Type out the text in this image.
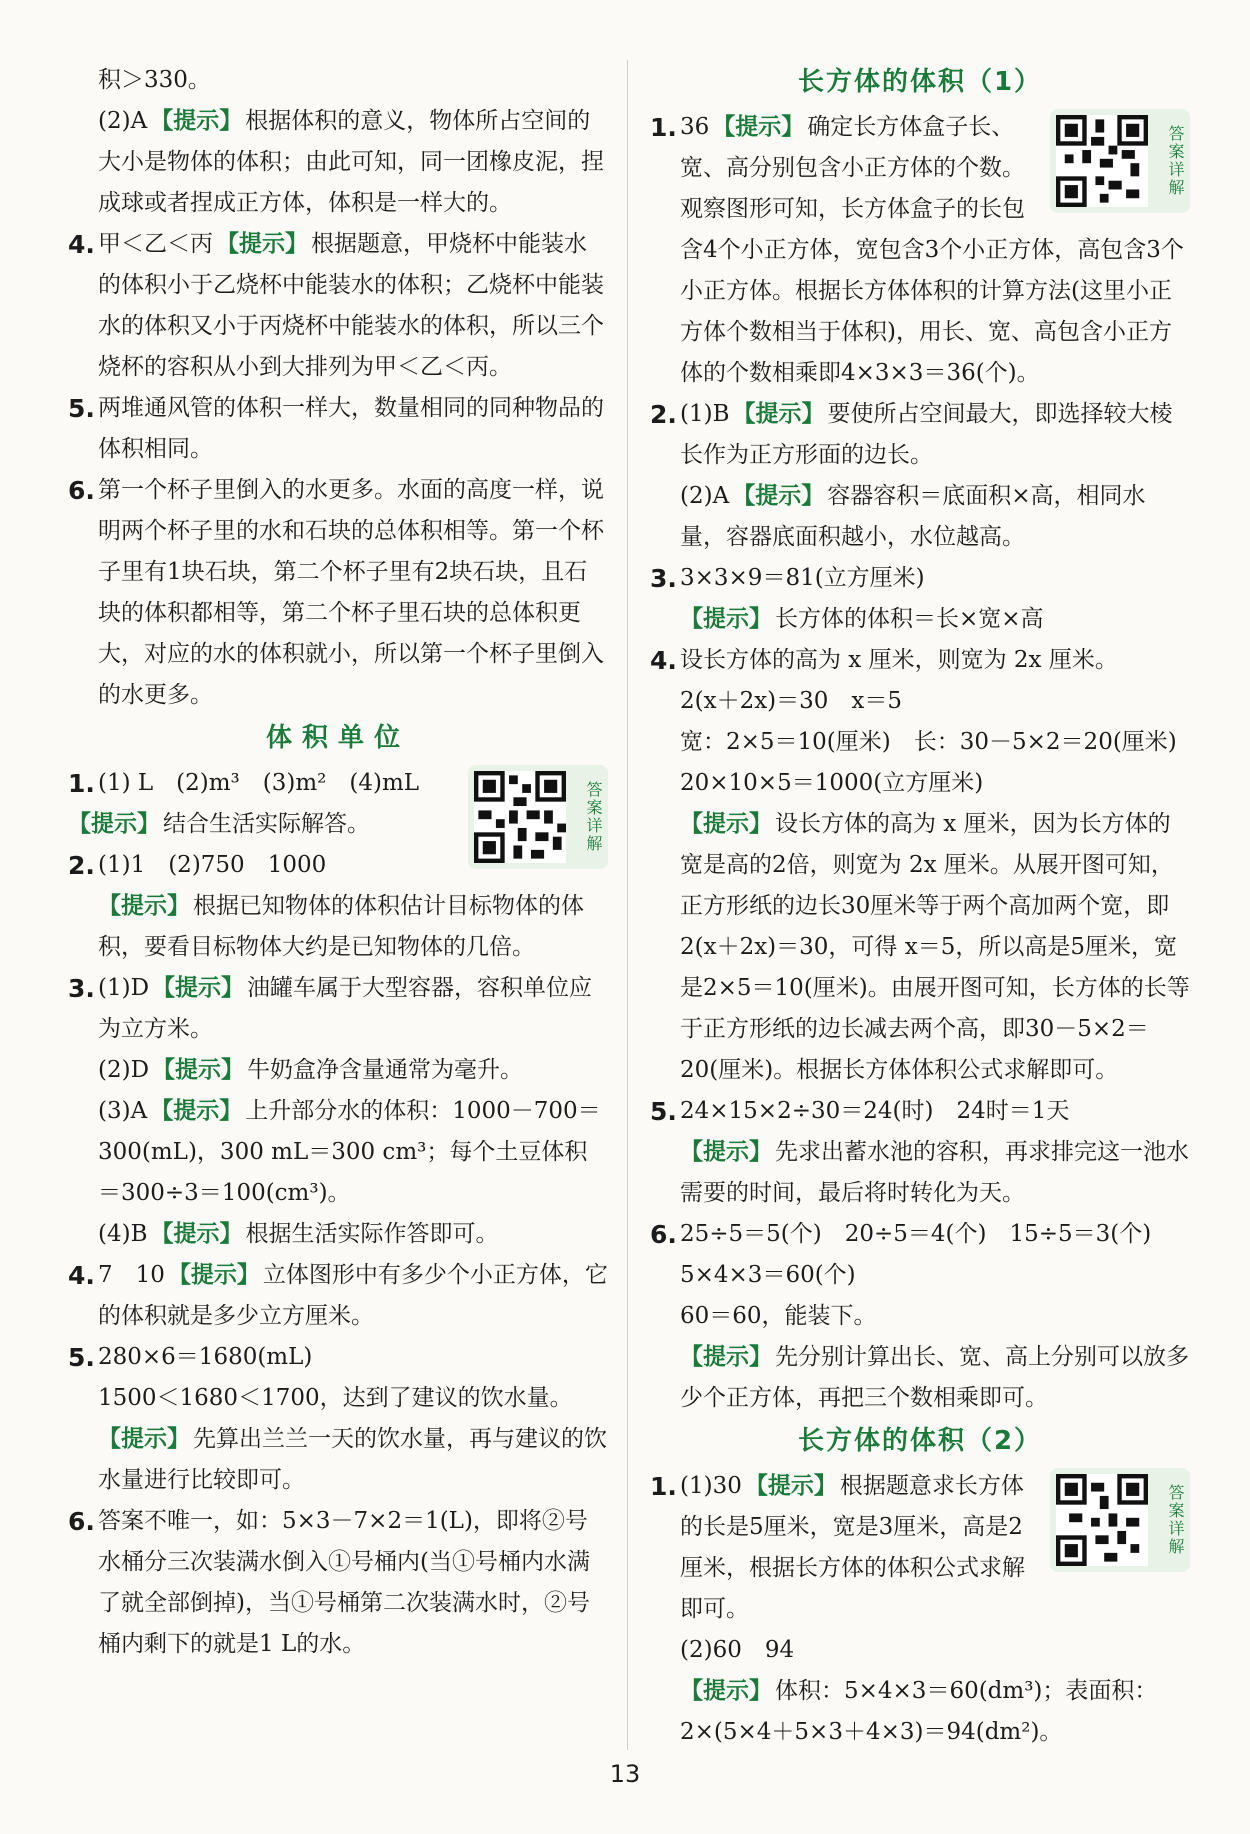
积＞330。
(2)A 【提示】 根据体积的意义，物体所占空间的大小是物体的体积；由此可知，同一团橡皮泥，捏成球或者捏成正方体，体积是一样大的。
4. 甲＜乙＜丙 【提示】 根据题意，甲烧杯中能装水的体积小于乙烧杯中能装水的体积；乙烧杯中能装水的体积又小于丙烧杯中能装水的体积，所以三个烧杯的容积从小到大排列为甲＜乙＜丙。
5. 两堆通风管的体积一样大，数量相同的同种物品的体积相同。
6. 第一个杯子里倒入的水更多。水面的高度一样，说明两个杯子里的水和石块的总体积相等。第一个杯子里有1块石块，第二个杯子里有2块石块，且石块的体积都相等，第二个杯子里石块的总体积更大，对应的水的体积就小，所以第一个杯子里倒入的水更多。
体积单位
答案详解
1. (1) L　(2)m³　(3)m²　(4)mL
【提示】 结合生活实际解答。
2. (1)1　(2)750　1000
【提示】 根据已知物体的体积估计目标物体的体积，要看目标物体大约是已知物体的几倍。
3. (1)D 【提示】 油罐车属于大型容器，容积单位应为立方米。
(2)D 【提示】 牛奶盒净含量通常为毫升。
(3)A 【提示】 上升部分水的体积：1000－700＝300(mL)，300 mL＝300 cm³；每个土豆体积＝300÷3＝100(cm³)。
(4)B 【提示】 根据生活实际作答即可。
4. 7　10 【提示】 立体图形中有多少个小正方体，它的体积就是多少立方厘米。
5. 280×6＝1680(mL)
1500＜1680＜1700，达到了建议的饮水量。
【提示】 先算出兰兰一天的饮水量，再与建议的饮水量进行比较即可。
6. 答案不唯一，如：5×3－7×2＝1(L)，即将②号水桶分三次装满水倒入①号桶内(当①号桶内水满了就全部倒掉)，当①号桶第二次装满水时，②号桶内剩下的就是1 L的水。
长方体的体积（1）
答案详解
1. 36 【提示】 确定长方体盒子长、宽、高分别包含小正方体的个数。观察图形可知，长方体盒子的长包含4个小正方体，宽包含3个小正方体，高包含3个小正方体。根据长方体体积的计算方法(这里小正方体个数相当于体积)，用长、宽、高包含小正方体的个数相乘即4×3×3＝36(个)。
2. (1)B 【提示】 要使所占空间最大，即选择较大棱长作为正方形面的边长。
(2)A 【提示】 容器容积＝底面积×高，相同水量，容器底面积越小，水位越高。
3. 3×3×9＝81(立方厘米)
【提示】 长方体的体积＝长×宽×高
4. 设长方体的高为 x 厘米，则宽为 2x 厘米。
2(x＋2x)＝30　x＝5
宽：2×5＝10(厘米)　长：30－5×2＝20(厘米)
20×10×5＝1000(立方厘米)
【提示】 设长方体的高为 x 厘米，因为长方体的宽是高的2倍，则宽为 2x 厘米。从展开图可知，正方形纸的边长30厘米等于两个高加两个宽，即2(x＋2x)＝30，可得 x＝5，所以高是5厘米，宽是2×5＝10(厘米)。由展开图可知，长方体的长等于正方形纸的边长减去两个高，即30－5×2＝20(厘米)。根据长方体体积公式求解即可。
5. 24×15×2÷30＝24(时)　24时＝1天
【提示】 先求出蓄水池的容积，再求排完这一池水需要的时间，最后将时转化为天。
6. 25÷5＝5(个)　20÷5＝4(个)　15÷5＝3(个)
5×4×3＝60(个)
60＝60，能装下。
【提示】 先分别计算出长、宽、高上分别可以放多少个正方体，再把三个数相乘即可。
长方体的体积（2）
答案详解
1. (1)30 【提示】 根据题意求长方体的长是5厘米，宽是3厘米，高是2厘米，根据长方体的体积公式求解即可。
(2)60　94
【提示】 体积：5×4×3＝60(dm³)；表面积：2×(5×4＋5×3＋4×3)＝94(dm²)。
13
